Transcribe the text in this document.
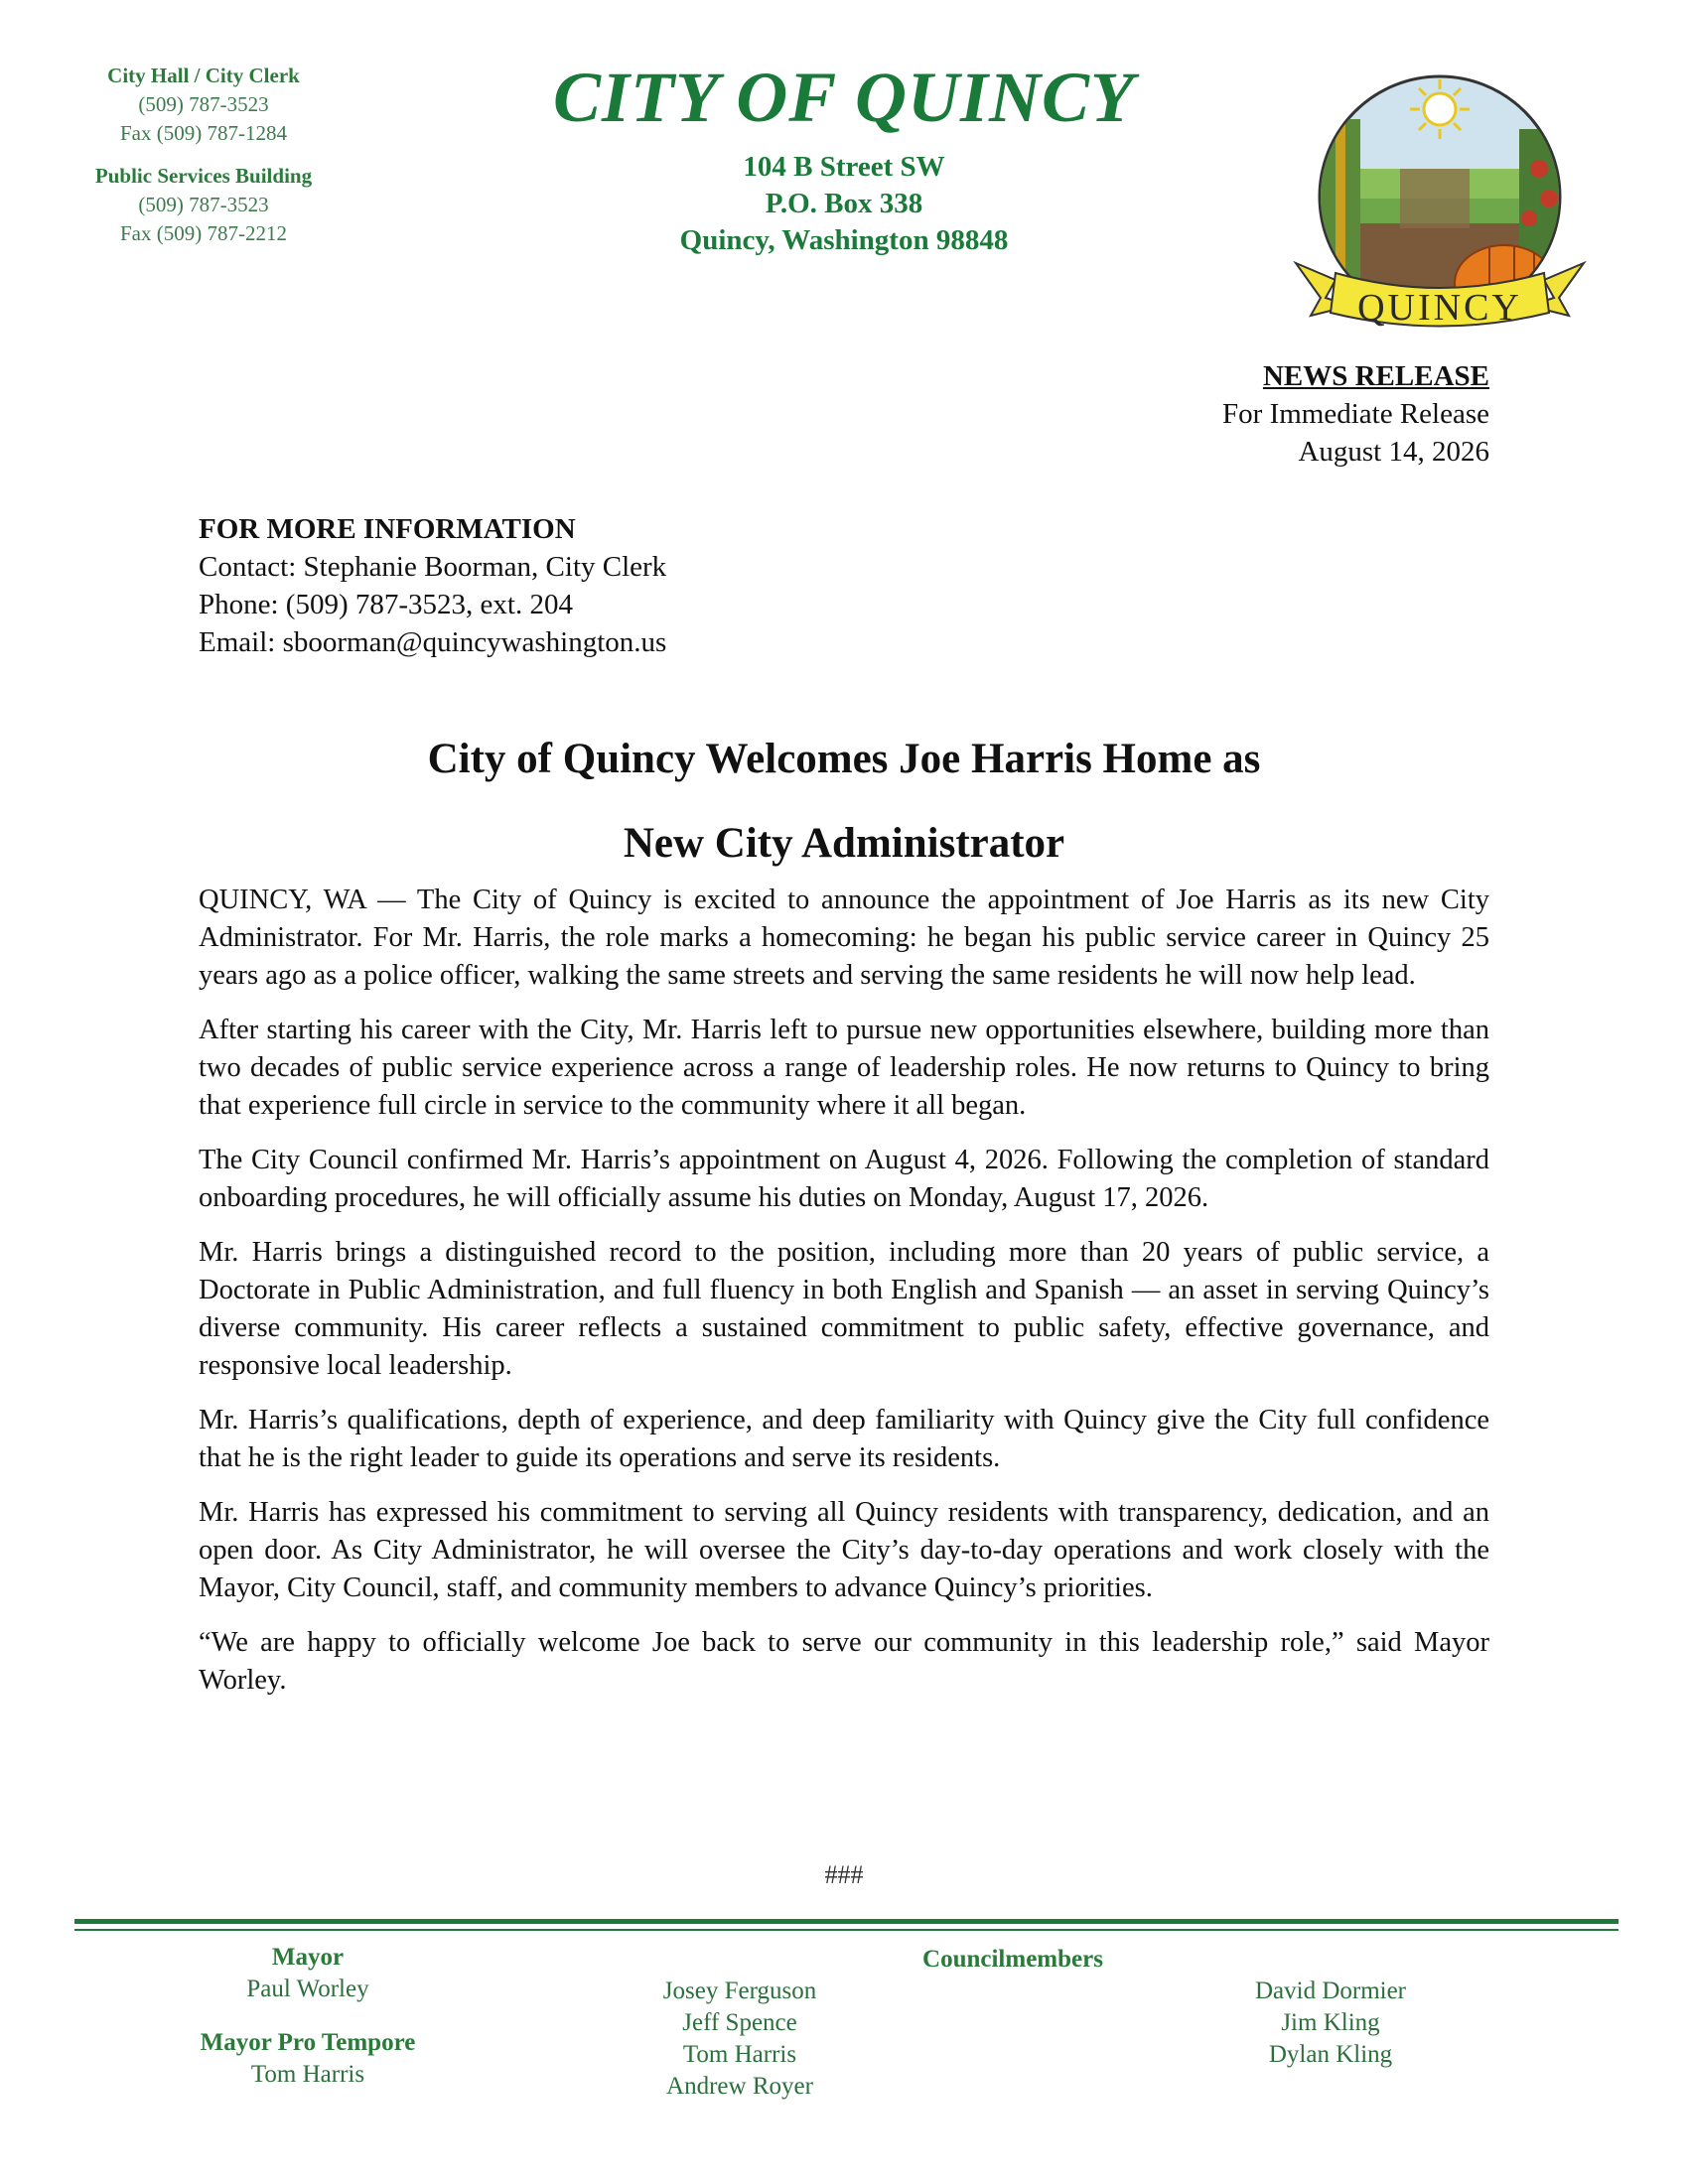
City Hall / City Clerk
(509) 787-3523
Fax (509) 787-1284
Public Services Building
(509) 787-3523
Fax (509) 787-2212
CITY OF QUINCY
104 B Street SW
P.O. Box 338
Quincy, Washington 98848
QUINCY
NEWS RELEASE
For Immediate Release
August 14, 2026
FOR MORE INFORMATION
Contact: Stephanie Boorman, City Clerk
Phone: (509) 787-3523, ext. 204
Email: sboorman@quincywashington.us
City of Quincy Welcomes Joe Harris Home as
New City Administrator

QUINCY, WA — The City of Quincy is excited to announce the appointment of Joe Harris as its new City Administrator. For Mr. Harris, the role marks a homecoming: he began his public service career in Quincy 25 years ago as a police officer, walking the same streets and serving the same residents he will now help lead.

After starting his career with the City, Mr. Harris left to pursue new opportunities elsewhere, building more than two decades of public service experience across a range of leadership roles. He now returns to Quincy to bring that experience full circle in service to the community where it all began.

The City Council confirmed Mr. Harris’s appointment on August 4, 2026. Following the completion of standard onboarding procedures, he will officially assume his duties on Monday, August 17, 2026.

Mr. Harris brings a distinguished record to the position, including more than 20 years of public service, a Doctorate in Public Administration, and full fluency in both English and Spanish — an asset in serving Quincy’s diverse community. His career reflects a sustained commitment to public safety, effective governance, and responsive local leadership.

Mr. Harris’s qualifications, depth of experience, and deep familiarity with Quincy give the City full confidence that he is the right leader to guide its operations and serve its residents.

Mr. Harris has expressed his commitment to serving all Quincy residents with transparency, dedication, and an open door. As City Administrator, he will oversee the City’s day-to-day operations and work closely with the Mayor, City Council, staff, and community members to advance Quincy’s priorities.

“We are happy to officially welcome Joe back to serve our community in this leadership role,” said Mayor Worley.

###
Mayor
Paul Worley
Mayor Pro Tempore
Tom Harris
Councilmembers
Josey Ferguson
Jeff Spence
Tom Harris
Andrew Royer
David Dormier
Jim Kling
Dylan Kling
